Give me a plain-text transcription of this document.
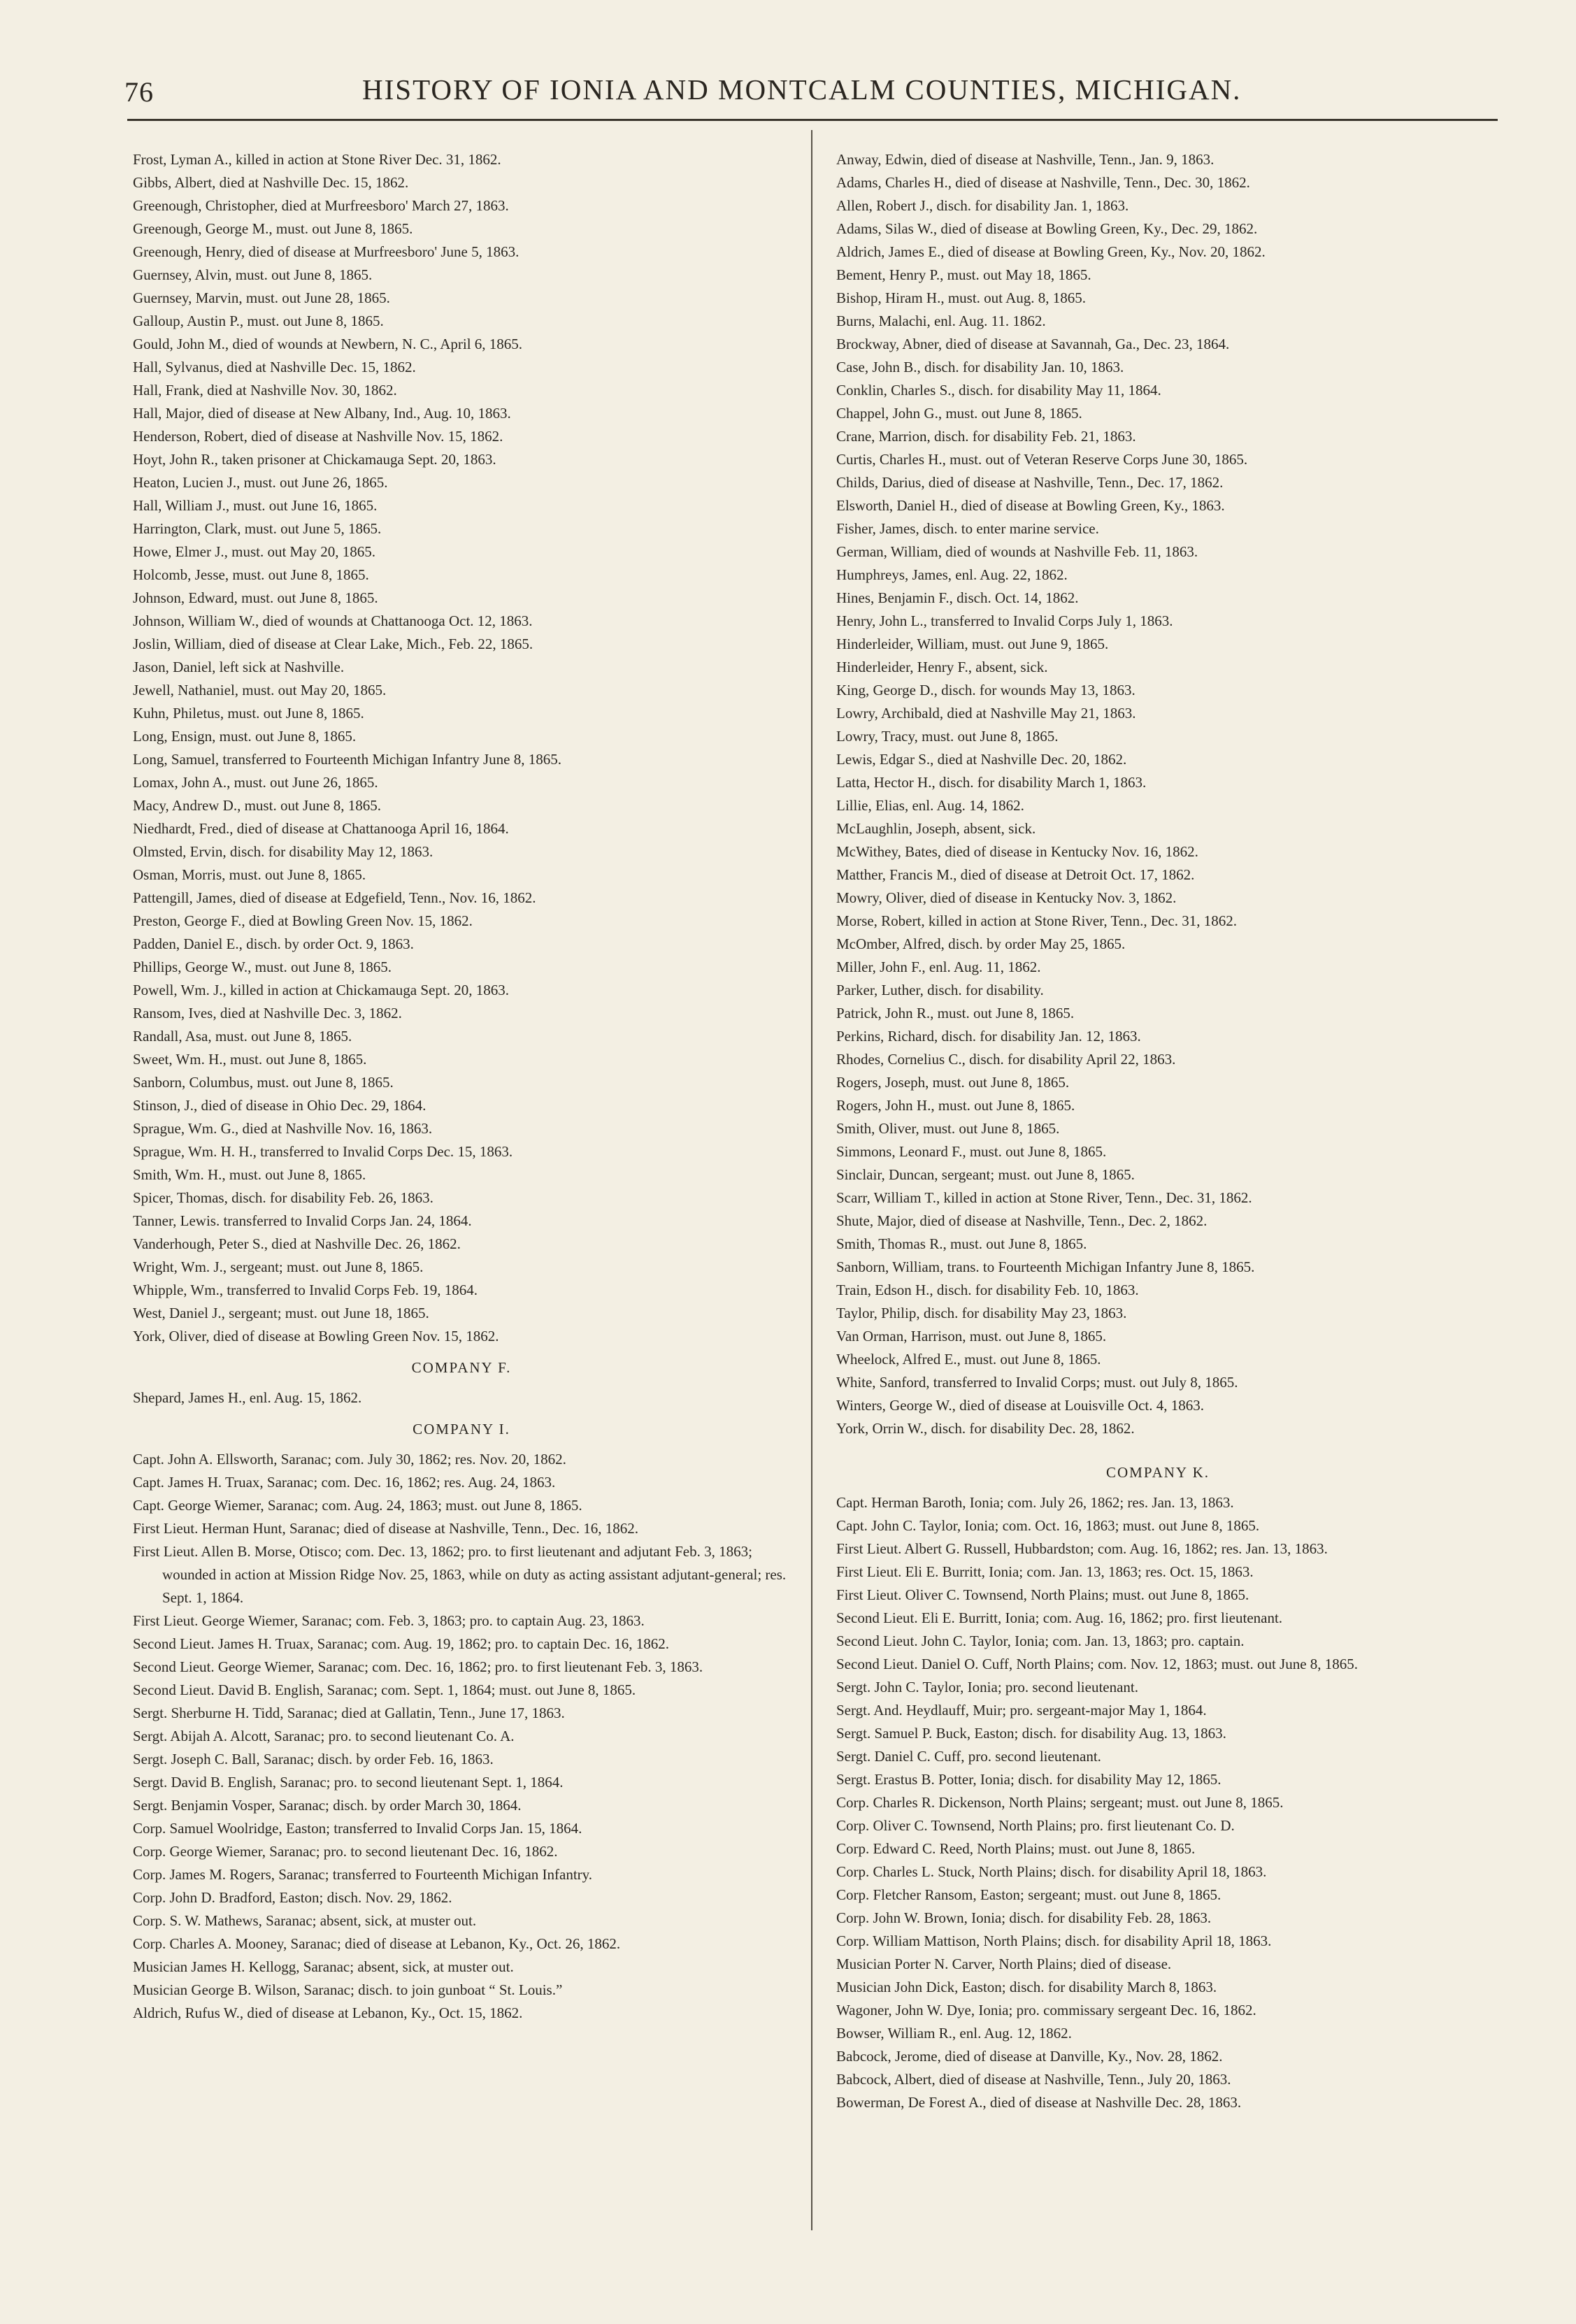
76	HISTORY OF IONIA AND MONTCALM COUNTIES, MICHIGAN.

Frost, Lyman A., killed in action at Stone River Dec. 31, 1862.

Gibbs, Albert, died at Nashville Dec. 15, 1862.

Greenough, Christopher, died at Murfreesboro' March 27, 1863.

Greenough, George M., must. out June 8, 1865.

Greenough, Henry, died of disease at Murfreesboro' June 5, 1863.

Guernsey, Alvin, must. out June 8, 1865.

Guernsey, Marvin, must. out June 28, 1865.

Galloup, Austin P., must. out June 8, 1865.

Gould, John M., died of wounds at Newbern, N. C., April 6, 1865.

Hall, Sylvanus, died at Nashville Dec. 15, 1862.

Hall, Frank, died at Nashville Nov. 30, 1862.

Hall, Major, died of disease at New Albany, Ind., Aug. 10, 1863.

Henderson, Robert, died of disease at Nashville Nov. 15, 1862.

Hoyt, John R., taken prisoner at Chickamauga Sept. 20, 1863.

Heaton, Lucien J., must. out June 26, 1865.

Hall, William J., must. out June 16, 1865.

Harrington, Clark, must. out June 5, 1865.

Howe, Elmer J., must. out May 20, 1865.

Holcomb, Jesse, must. out June 8, 1865.

Johnson, Edward, must. out June 8, 1865.

Johnson, William W., died of wounds at Chattanooga Oct. 12, 1863.

Joslin, William, died of disease at Clear Lake, Mich., Feb. 22, 1865.

Jason, Daniel, left sick at Nashville.

Jewell, Nathaniel, must. out May 20, 1865.

Kuhn, Philetus, must. out June 8, 1865.

Long, Ensign, must. out June 8, 1865.

Long, Samuel, transferred to Fourteenth Michigan Infantry June 8, 1865.

Lomax, John A., must. out June 26, 1865.

Macy, Andrew D., must. out June 8, 1865.

Niedhardt, Fred., died of disease at Chattanooga April 16, 1864.

Olmsted, Ervin, disch. for disability May 12, 1863.

Osman, Morris, must. out June 8, 1865.

Pattengill, James, died of disease at Edgefield, Tenn., Nov. 16, 1862.

Preston, George F., died at Bowling Green Nov. 15, 1862.

Padden, Daniel E., disch. by order Oct. 9, 1863.

Phillips, George W., must. out June 8, 1865.

Powell, Wm. J., killed in action at Chickamauga Sept. 20, 1863.

Ransom, Ives, died at Nashville Dec. 3, 1862.

Randall, Asa, must. out June 8, 1865.

Sweet, Wm. H., must. out June 8, 1865.

Sanborn, Columbus, must. out June 8, 1865.

Stinson, J., died of disease in Ohio Dec. 29, 1864.

Sprague, Wm. G., died at Nashville Nov. 16, 1863.

Sprague, Wm. H. H., transferred to Invalid Corps Dec. 15, 1863.

Smith, Wm. H., must. out June 8, 1865.

Spicer, Thomas, disch. for disability Feb. 26, 1863.

Tanner, Lewis. transferred to Invalid Corps Jan. 24, 1864.

Vanderhough, Peter S., died at Nashville Dec. 26, 1862.

Wright, Wm. J., sergeant; must. out June 8, 1865.

Whipple, Wm., transferred to Invalid Corps Feb. 19, 1864.

West, Daniel J., sergeant; must. out June 18, 1865.

York, Oliver, died of disease at Bowling Green Nov. 15, 1862.

COMPANY F.

Shepard, James H., enl. Aug. 15, 1862.

COMPANY I.

Capt. John A. Ellsworth, Saranac; com. July 30, 1862; res. Nov. 20, 1862.

Capt. James H. Truax, Saranac; com. Dec. 16, 1862; res. Aug. 24, 1863.

Capt. George Wiemer, Saranac; com. Aug. 24, 1863; must. out June 8, 1865.

First Lieut. Herman Hunt, Saranac; died of disease at Nashville, Tenn., Dec. 16, 1862.

First Lieut. Allen B. Morse, Otisco; com. Dec. 13, 1862; pro. to first lieutenant and adjutant Feb. 3, 1863; wounded in action at Mission Ridge Nov. 25, 1863, while on duty as acting assistant adjutant-general; res. Sept. 1, 1864.

First Lieut. George Wiemer, Saranac; com. Feb. 3, 1863; pro. to captain Aug. 23, 1863.

Second Lieut. James H. Truax, Saranac; com. Aug. 19, 1862; pro. to captain Dec. 16, 1862.

Second Lieut. George Wiemer, Saranac; com. Dec. 16, 1862; pro. to first lieutenant Feb. 3, 1863.

Second Lieut. David B. English, Saranac; com. Sept. 1, 1864; must. out June 8, 1865.

Sergt. Sherburne H. Tidd, Saranac; died at Gallatin, Tenn., June 17, 1863.

Sergt. Abijah A. Alcott, Saranac; pro. to second lieutenant Co. A.

Sergt. Joseph C. Ball, Saranac; disch. by order Feb. 16, 1863.

Sergt. David B. English, Saranac; pro. to second lieutenant Sept. 1, 1864.

Sergt. Benjamin Vosper, Saranac; disch. by order March 30, 1864.

Corp. Samuel Woolridge, Easton; transferred to Invalid Corps Jan. 15, 1864.

Corp. George Wiemer, Saranac; pro. to second lieutenant Dec. 16, 1862.

Corp. James M. Rogers, Saranac; transferred to Fourteenth Michigan Infantry.

Corp. John D. Bradford, Easton; disch. Nov. 29, 1862.

Corp. S. W. Mathews, Saranac; absent, sick, at muster out.

Corp. Charles A. Mooney, Saranac; died of disease at Lebanon, Ky., Oct. 26, 1862.

Musician James H. Kellogg, Saranac; absent, sick, at muster out.

Musician George B. Wilson, Saranac; disch. to join gunboat “ St. Louis.”

Aldrich, Rufus W., died of disease at Lebanon, Ky., Oct. 15, 1862.

Anway, Edwin, died of disease at Nashville, Tenn., Jan. 9, 1863.

Adams, Charles H., died of disease at Nashville, Tenn., Dec. 30, 1862.

Allen, Robert J., disch. for disability Jan. 1, 1863.

Adams, Silas W., died of disease at Bowling Green, Ky., Dec. 29, 1862.

Aldrich, James E., died of disease at Bowling Green, Ky., Nov. 20, 1862.

Bement, Henry P., must. out May 18, 1865.

Bishop, Hiram H., must. out Aug. 8, 1865.

Burns, Malachi, enl. Aug. 11. 1862.

Brockway, Abner, died of disease at Savannah, Ga., Dec. 23, 1864.

Case, John B., disch. for disability Jan. 10, 1863.

Conklin, Charles S., disch. for disability May 11, 1864.

Chappel, John G., must. out June 8, 1865.

Crane, Marrion, disch. for disability Feb. 21, 1863.

Curtis, Charles H., must. out of Veteran Reserve Corps June 30, 1865.

Childs, Darius, died of disease at Nashville, Tenn., Dec. 17, 1862.

Elsworth, Daniel H., died of disease at Bowling Green, Ky., 1863.

Fisher, James, disch. to enter marine service.

German, William, died of wounds at Nashville Feb. 11, 1863.

Humphreys, James, enl. Aug. 22, 1862.

Hines, Benjamin F., disch. Oct. 14, 1862.

Henry, John L., transferred to Invalid Corps July 1, 1863.

Hinderleider, William, must. out June 9, 1865.

Hinderleider, Henry F., absent, sick.

King, George D., disch. for wounds May 13, 1863.

Lowry, Archibald, died at Nashville May 21, 1863.

Lowry, Tracy, must. out June 8, 1865.

Lewis, Edgar S., died at Nashville Dec. 20, 1862.

Latta, Hector H., disch. for disability March 1, 1863.

Lillie, Elias, enl. Aug. 14, 1862.

McLaughlin, Joseph, absent, sick.

McWithey, Bates, died of disease in Kentucky Nov. 16, 1862.

Matther, Francis M., died of disease at Detroit Oct. 17, 1862.

Mowry, Oliver, died of disease in Kentucky Nov. 3, 1862.

Morse, Robert, killed in action at Stone River, Tenn., Dec. 31, 1862.

McOmber, Alfred, disch. by order May 25, 1865.

Miller, John F., enl. Aug. 11, 1862.

Parker, Luther, disch. for disability.

Patrick, John R., must. out June 8, 1865.

Perkins, Richard, disch. for disability Jan. 12, 1863.

Rhodes, Cornelius C., disch. for disability April 22, 1863.

Rogers, Joseph, must. out June 8, 1865.

Rogers, John H., must. out June 8, 1865.

Smith, Oliver, must. out June 8, 1865.

Simmons, Leonard F., must. out June 8, 1865.

Sinclair, Duncan, sergeant; must. out June 8, 1865.

Scarr, William T., killed in action at Stone River, Tenn., Dec. 31, 1862.

Shute, Major, died of disease at Nashville, Tenn., Dec. 2, 1862.

Smith, Thomas R., must. out June 8, 1865.

Sanborn, William, trans. to Fourteenth Michigan Infantry June 8, 1865.

Train, Edson H., disch. for disability Feb. 10, 1863.

Taylor, Philip, disch. for disability May 23, 1863.

Van Orman, Harrison, must. out June 8, 1865.

Wheelock, Alfred E., must. out June 8, 1865.

White, Sanford, transferred to Invalid Corps; must. out July 8, 1865.

Winters, George W., died of disease at Louisville Oct. 4, 1863.

York, Orrin W., disch. for disability Dec. 28, 1862.

COMPANY K.

Capt. Herman Baroth, Ionia; com. July 26, 1862; res. Jan. 13, 1863.

Capt. John C. Taylor, Ionia; com. Oct. 16, 1863; must. out June 8, 1865.

First Lieut. Albert G. Russell, Hubbardston; com. Aug. 16, 1862; res. Jan. 13, 1863.

First Lieut. Eli E. Burritt, Ionia; com. Jan. 13, 1863; res. Oct. 15, 1863.

First Lieut. Oliver C. Townsend, North Plains; must. out June 8, 1865.

Second Lieut. Eli E. Burritt, Ionia; com. Aug. 16, 1862; pro. first lieutenant.

Second Lieut. John C. Taylor, Ionia; com. Jan. 13, 1863; pro. captain.

Second Lieut. Daniel O. Cuff, North Plains; com. Nov. 12, 1863; must. out June 8, 1865.

Sergt. John C. Taylor, Ionia; pro. second lieutenant.

Sergt. And. Heydlauff, Muir; pro. sergeant-major May 1, 1864.

Sergt. Samuel P. Buck, Easton; disch. for disability Aug. 13, 1863.

Sergt. Daniel C. Cuff, pro. second lieutenant.

Sergt. Erastus B. Potter, Ionia; disch. for disability May 12, 1865.

Corp. Charles R. Dickenson, North Plains; sergeant; must. out June 8, 1865.

Corp. Oliver C. Townsend, North Plains; pro. first lieutenant Co. D.

Corp. Edward C. Reed, North Plains; must. out June 8, 1865.

Corp. Charles L. Stuck, North Plains; disch. for disability April 18, 1863.

Corp. Fletcher Ransom, Easton; sergeant; must. out June 8, 1865.

Corp. John W. Brown, Ionia; disch. for disability Feb. 28, 1863.

Corp. William Mattison, North Plains; disch. for disability April 18, 1863.

Musician Porter N. Carver, North Plains; died of disease.

Musician John Dick, Easton; disch. for disability March 8, 1863.

Wagoner, John W. Dye, Ionia; pro. commissary sergeant Dec. 16, 1862.

Bowser, William R., enl. Aug. 12, 1862.

Babcock, Jerome, died of disease at Danville, Ky., Nov. 28, 1862.

Babcock, Albert, died of disease at Nashville, Tenn., July 20, 1863.

Bowerman, De Forest A., died of disease at Nashville Dec. 28, 1863.
